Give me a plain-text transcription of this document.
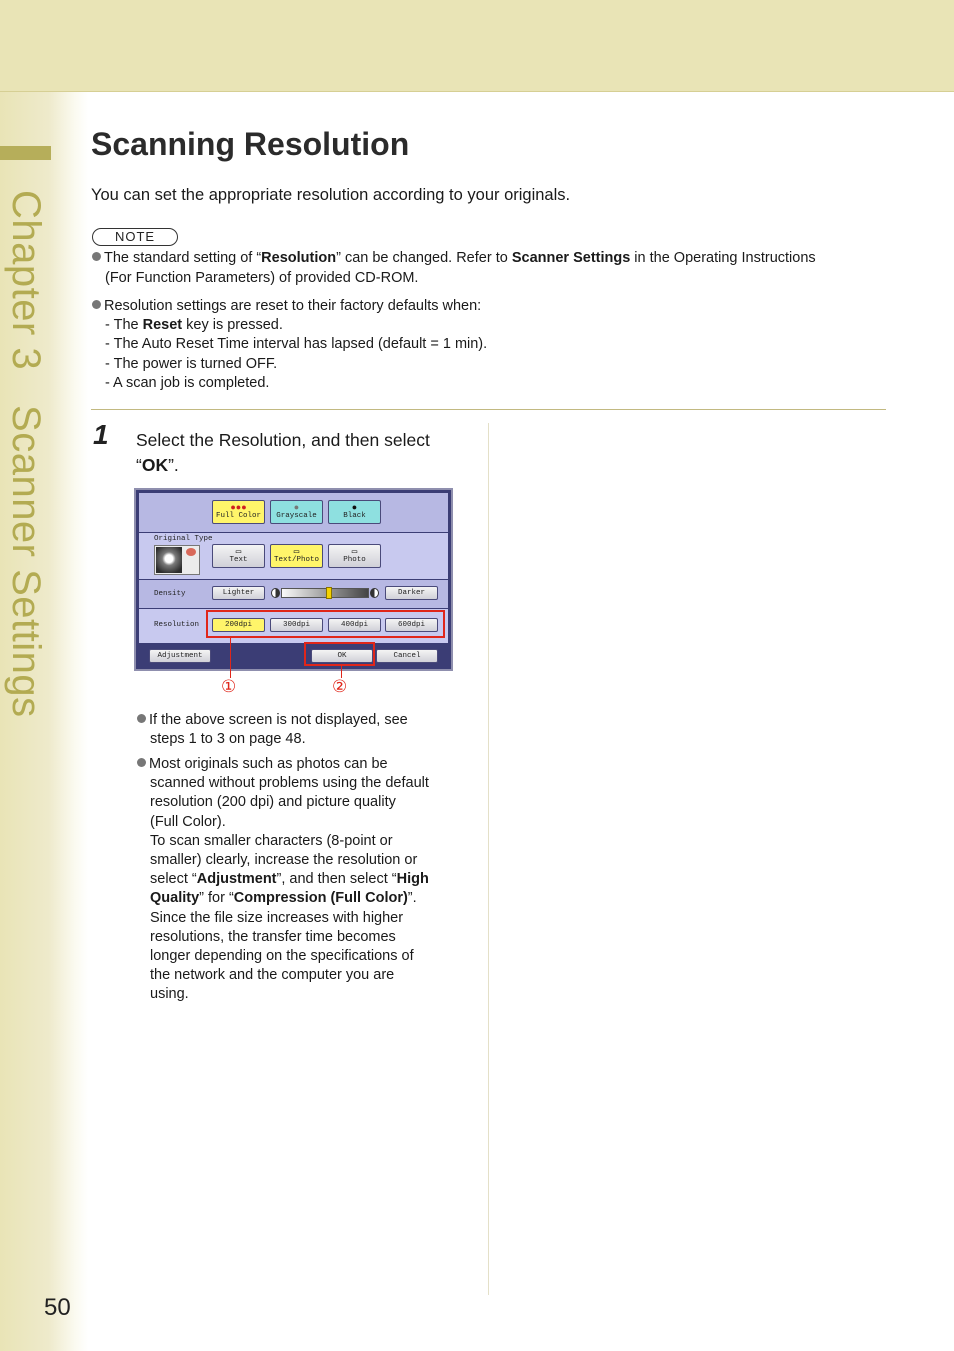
Chapter 3   Scanner Settings
Scanning Resolution

You can set the appropriate resolution according to your originals.

NOTE
The standard setting of “Resolution” can be changed. Refer to Scanner Settings in the Operating Instructions
(For Function Parameters) of provided CD-ROM.
Resolution settings are reset to their factory defaults when:
- The Reset key is pressed.
- The Auto Reset Time interval has lapsed (default = 1 min).
- The power is turned OFF.
- A scan job is completed.
1 Select the Resolution, and then select
“OK”.
●●●
Full Color
●
Grayscale
●
Black
Original Type
▭
Text
▭
Text/Photo
▭
Photo
Density	Lighter	Darker
Resolution	200dpi	300dpi	400dpi	600dpi
Adjustment	OK	Cancel
①	②
If the above screen is not displayed, see
steps 1 to 3 on page 48.
Most originals such as photos can be
scanned without problems using the default
resolution (200 dpi) and picture quality
(Full Color).
To scan smaller characters (8-point or
smaller) clearly, increase the resolution or
select “Adjustment”, and then select “High
Quality” for “Compression (Full Color)”.
Since the file size increases with higher
resolutions, the transfer time becomes
longer depending on the specifications of
the network and the computer you are
using.
50
